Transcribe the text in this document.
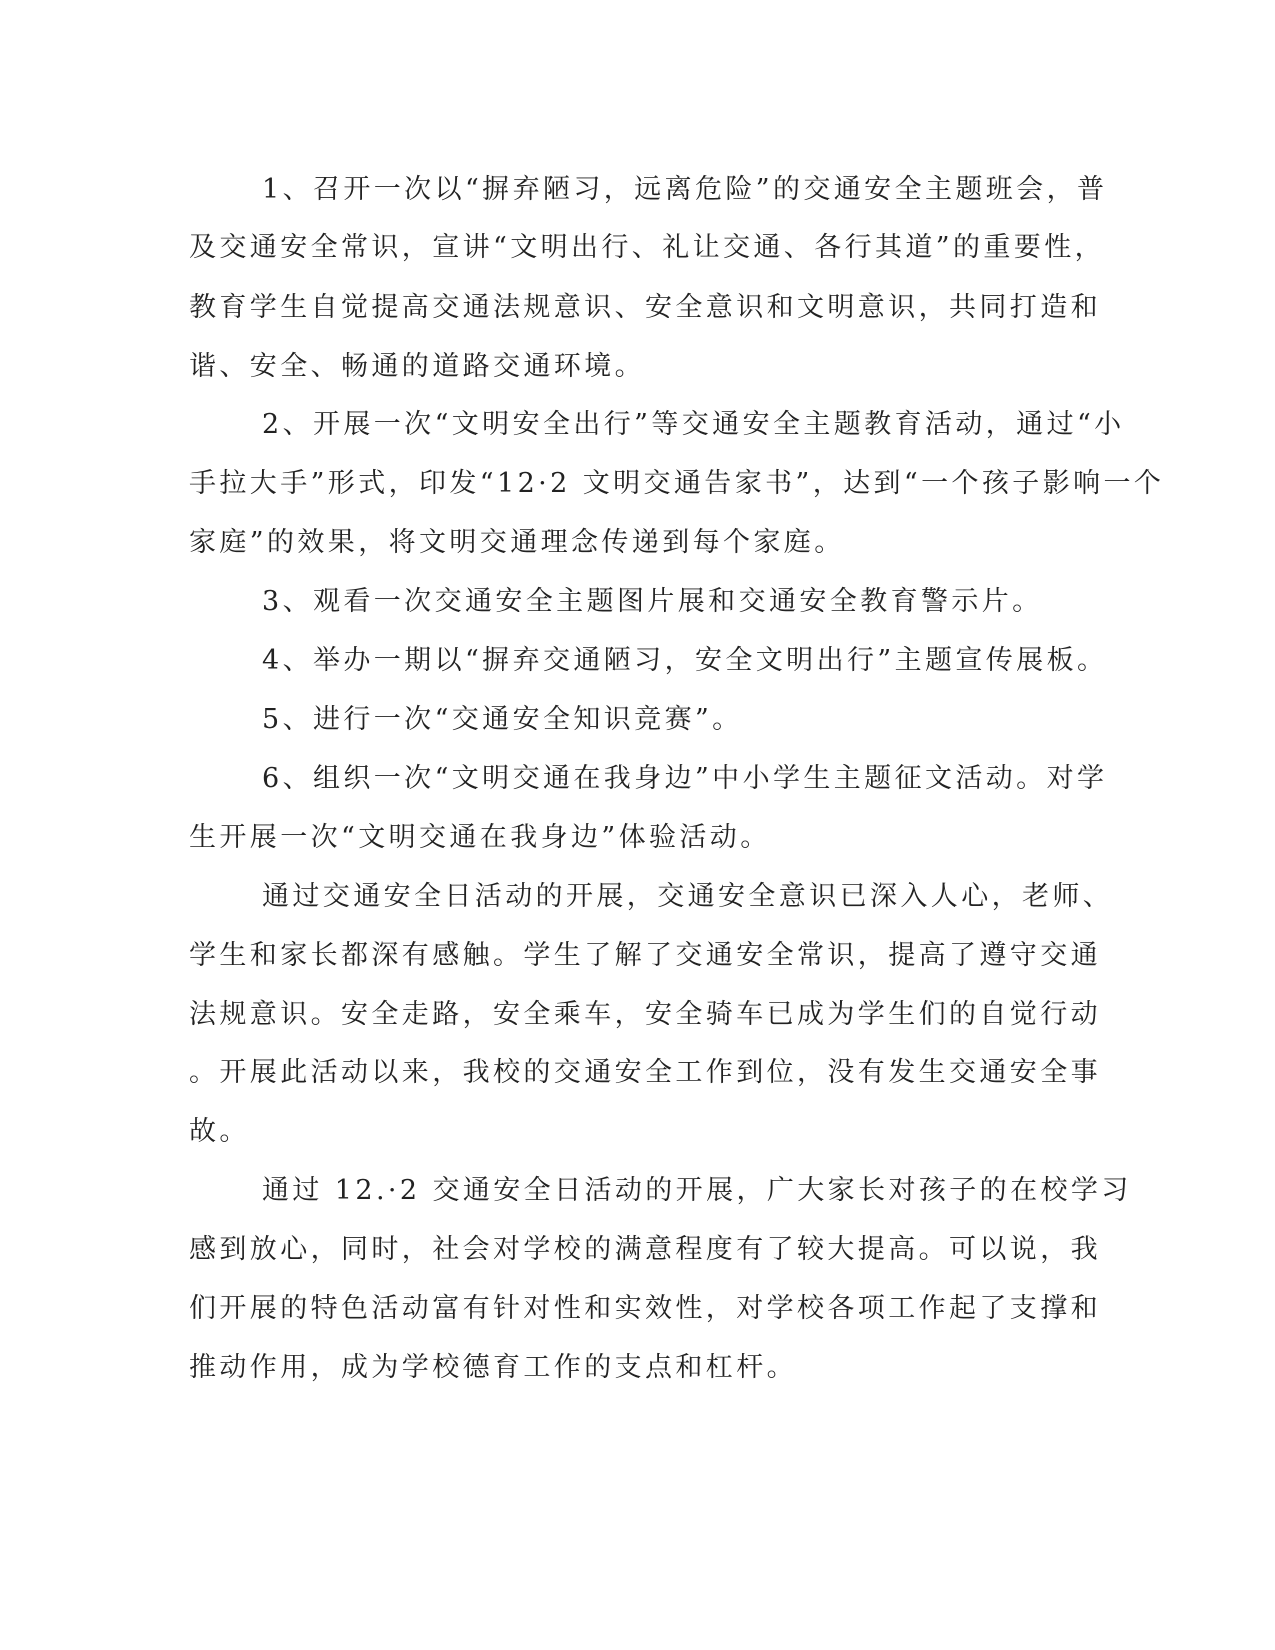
1、召开一次以“摒弃陋习，远离危险”的交通安全主题班会，普

及交通安全常识，宣讲“文明出行、礼让交通、各行其道”的重要性，

教育学生自觉提高交通法规意识、安全意识和文明意识，共同打造和

谐、安全、畅通的道路交通环境。

2、开展一次“文明安全出行”等交通安全主题教育活动，通过“小

手拉大手”形式，印发“12·2 文明交通告家书”，达到“一个孩子影响一个

家庭”的效果，将文明交通理念传递到每个家庭。

3、观看一次交通安全主题图片展和交通安全教育警示片。

4、举办一期以“摒弃交通陋习，安全文明出行”主题宣传展板。

5、进行一次“交通安全知识竞赛”。

6、组织一次“文明交通在我身边”中小学生主题征文活动。对学

生开展一次“文明交通在我身边”体验活动。

通过交通安全日活动的开展，交通安全意识已深入人心，老师、

学生和家长都深有感触。学生了解了交通安全常识，提高了遵守交通

法规意识。安全走路，安全乘车，安全骑车已成为学生们的自觉行动

。开展此活动以来，我校的交通安全工作到位，没有发生交通安全事

故。

通过 12.·2 交通安全日活动的开展，广大家长对孩子的在校学习

感到放心，同时，社会对学校的满意程度有了较大提高。可以说，我

们开展的特色活动富有针对性和实效性，对学校各项工作起了支撑和

推动作用，成为学校德育工作的支点和杠杆。
